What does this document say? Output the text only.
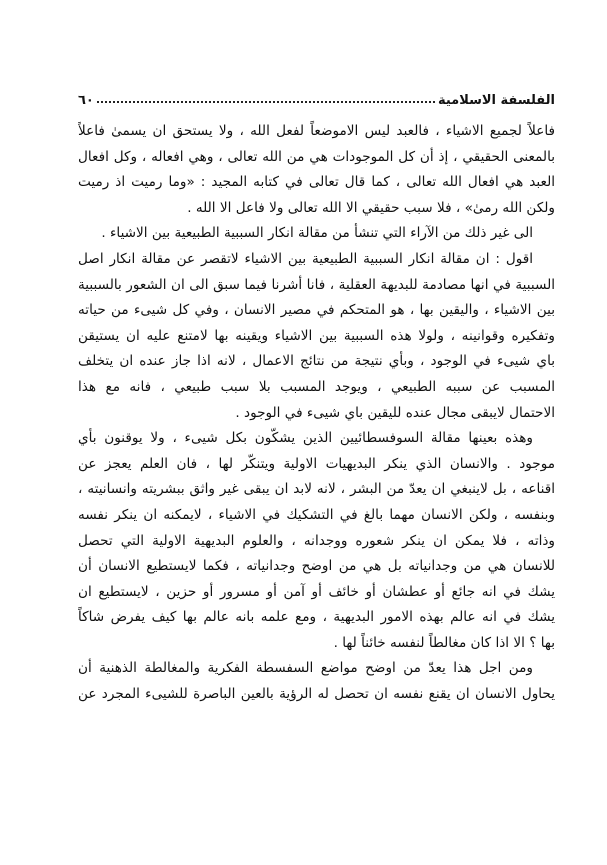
الفلسفة الاسلامية
٦٠
فاعلاً لجميع الاشياء ، فالعبد ليس الاموضعاً لفعل الله ، ولا يستحق ان يسمىٰ فاعلاً
بالمعنى الحقيقي ، إذ أن كل الموجودات هي من الله تعالى ، وهي افعاله ، وكل افعال
العبد هي افعال الله تعالى ، كما قال تعالى في كتابه المجيد : «وما رميت اذ رميت
ولكن الله رمىٰ» ، فلا سبب حقيقي الا الله تعالى ولا فاعل الا الله .
الى غير ذلك من الآراء التي تنشأ من مقالة انكار السببية الطبيعية بين الاشياء .
اقول : ان مقالة انكار السببية الطبيعية بين الاشياء لاتقصر عن مقالة انكار اصل
السببية في انها مصادمة للبديهة العقلية ، فانا أشرنا فيما سبق الى ان الشعور بالسببية
بين الاشياء ، واليقين بها ، هو المتحكم في مصير الانسان ، وفي كل شيىء من حياته
وتفكيره وقوانينه ، ولولا هذه السببية بين الاشياء ويقينه بها لامتنع عليه ان يستيقن
باي شيىء في الوجود ، وبأي نتيجة من نتائج الاعمال ، لانه اذا جاز عنده ان يتخلف
المسبب عن سببه الطبيعي ، ويوجد المسبب بلا سبب طبيعي ، فانه مع هذا
الاحتمال لايبقى مجال عنده لليقين باي شيىء في الوجود .
وهذه بعينها مقالة السوفسطائيين الذين يشكّون بكل شيىء ، ولا يوقنون بأي
موجود . والانسان الذي ينكر البديهيات الاولية ويتنكّر لها ، فان العلم يعجز عن
اقناعه ، بل لاينبغي ان يعدّ من البشر ، لانه لابد ان يبقى غير واثق ببشريته وانسانيته ،
وبنفسه ، ولكن الانسان مهما بالغ في التشكيك في الاشياء ، لايمكنه ان ينكر نفسه
وذاته ، فلا يمكن ان ينكر شعوره ووجدانه ، والعلوم البديهية الاولية التي تحصل
للانسان هي من وجدانياته بل هي من اوضح وجدانياته ، فكما لايستطيع الانسان أن
يشك في انه جائع أو عطشان أو خائف أو آمن أو مسرور أو حزين ، لايستطيع ان
يشك في انه عالم بهذه الامور البديهية ، ومع علمه بانه عالم بها كيف يفرض شاكاً
بها ؟ الا اذا كان مغالطاً لنفسه خائناً لها .
ومن اجل هذا يعدّ من اوضح مواضع السفسطة الفكرية والمغالطة الذهنية أن
يحاول الانسان ان يقنع نفسه ان تحصل له الرؤية بالعين الباصرة للشيىء المجرد عن
